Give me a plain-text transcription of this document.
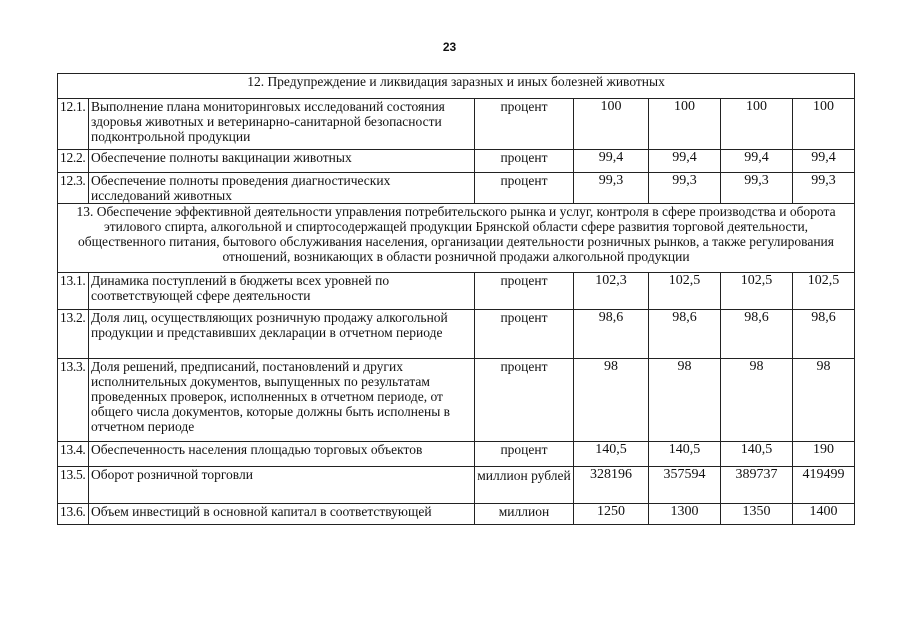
23
12. Предупреждение и ликвидация заразных и иных болезней животных						
12.1.	Выполнение плана мониторинговых исследований состояния здоровья животных и ветеринарно-санитарной безопасности подконтрольной продукции	процент	100	100	100	100
12.2.	Обеспечение полноты вакцинации животных	процент	99,4	99,4	99,4	99,4
12.3.	Обеспечение полноты проведения диагностических исследований животных	процент	99,3	99,3	99,3	99,3
13. Обеспечение эффективной деятельности управления потребительского рынка и услуг, контроля в сфере производства и оборота этилового спирта, алкогольной и спиртосодержащей продукции Брянской области сфере развития торговой деятельности, общественного питания, бытового обслуживания населения, организации деятельности розничных рынков, а также регулирования отношений, возникающих в области розничной продажи алкогольной продукции						
13.1.	Динамика поступлений в бюджеты всех уровней по соответствующей сфере деятельности	процент	102,3	102,5	102,5	102,5
13.2.	Доля лиц, осуществляющих розничную продажу алкогольной продукции и представивших декларации в отчетном периоде	процент	98,6	98,6	98,6	98,6
13.3.	Доля решений, предписаний, постановлений и других исполнительных документов, выпущенных по результатам проведенных проверок, исполненных в отчетном периоде, от общего числа документов, которые должны быть исполнены в отчетном периоде	процент	98	98	98	98
13.4.	Обеспеченность населения площадью торговых объектов	процент	140,5	140,5	140,5	190
13.5.	Оборот розничной торговли	миллион рублей	328196	357594	389737	419499
13.6.	Объем инвестиций в основной капитал в соответствующей	миллион	1250	1300	1350	1400
